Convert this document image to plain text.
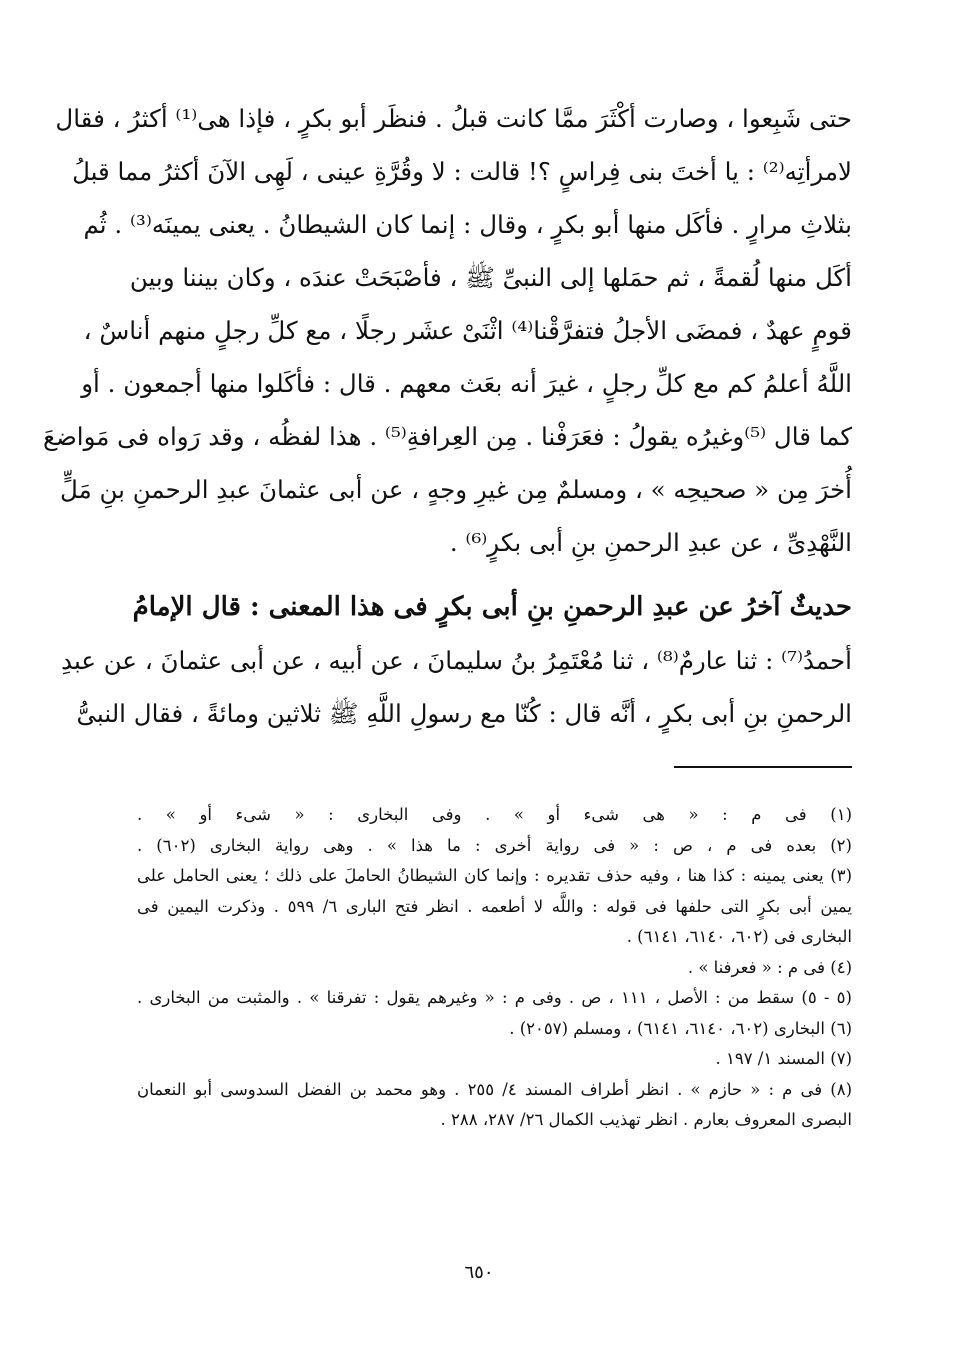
حتى شَبِعوا ، وصارت أكْثَرَ ممَّا كانت قبلُ . فنظَر أبو بكرٍ ، فإذا هى⁽¹⁾ أكثرُ ، فقال
لامرأتِه⁽²⁾ : يا أختَ بنى فِراسٍ ؟! قالت : لا وقُرَّةِ عينى ، لَهِى الآنَ أكثرُ مما قبلُ
بثلاثِ مرارٍ . فأكَل منها أبو بكرٍ ، وقال : إنما كان الشيطانُ . يعنى يمينَه⁽³⁾ . ثُم
أكَل منها لُقمةً ، ثم حمَلها إلى النبىِّ ﷺ ، فأصْبَحَتْ عندَه ، وكان بيننا وبين
قومٍ عهدٌ ، فمضَى الأجلُ فتفرَّقْنا⁽⁴⁾ اثْنَىْ عشَر رجلًا ، مع كلِّ رجلٍ منهم أناسٌ ،
اللَّهُ أعلمُ كم مع كلِّ رجلٍ ، غيرَ أنه بعَث معهم . قال : فأكَلوا منها أجمعون . أو
كما قال ⁽⁵⁾وغيرُه يقولُ : فعَرَفْنا . مِن العِرافةِ⁽⁵⁾ . هذا لفظُه ، وقد رَواه فى مَواضعَ
أُخرَ مِن « صحيحِه » ، ومسلمٌ مِن غيرِ وجهٍ ، عن أبى عثمانَ عبدِ الرحمنِ بنِ مَلٍّ
النَّهْدِىِّ ، عن عبدِ الرحمنِ بنِ أبى بكرٍ⁽⁶⁾ .
حديثٌ آخرُ عن عبدِ الرحمنِ بنِ أبى بكرٍ فى هذا المعنى : قال الإمامُ
أحمدُ⁽⁷⁾ : ثنا عارمٌ⁽⁸⁾ ، ثنا مُعْتَمِرُ بنُ سليمانَ ، عن أبيه ، عن أبى عثمانَ ، عن عبدِ
الرحمنِ بنِ أبى بكرٍ ، أنَّه قال : كُنّا مع رسولِ اللَّهِ ﷺ ثلاثين ومائةً ، فقال النبىُّ
(١) فى م : « هى شىء أو » . وفى البخارى : « شىء أو » .
(٢) بعده فى م ، ص : « فى رواية أخرى : ما هذا » . وهى رواية البخارى (٦٠٢) .
(٣) يعنى يمينه : كذا هنا ، وفيه حذف تقديره : وإنما كان الشيطانُ الحاملَ على ذلك ؛ يعنى الحامل على
يمين أبى بكرٍ التى حلفها فى قوله : واللَّه لا أطعمه . انظر فتح البارى ٦/ ٥٩٩ . وذكرت اليمين فى
البخارى فى (٦٠٢، ٦١٤٠، ٦١٤١) .
(٤) فى م : « فعرفنا » .
(٥ - ٥) سقط من : الأصل ، ١١١ ، ص . وفى م : « وغيرهم يقول : تفرقنا » . والمثبت من البخارى .
(٦) البخارى (٦٠٢، ٦١٤٠، ٦١٤١) ، ومسلم (٢٠٥٧) .
(٧) المسند ١/ ١٩٧ .
(٨) فى م : « حازم » . انظر أطراف المسند ٤/ ٢٥٥ . وهو محمد بن الفضل السدوسى أبو النعمان
البصرى المعروف بعارم . انظر تهذيب الكمال ٢٦/ ٢٨٧، ٢٨٨ .
٦٥٠
